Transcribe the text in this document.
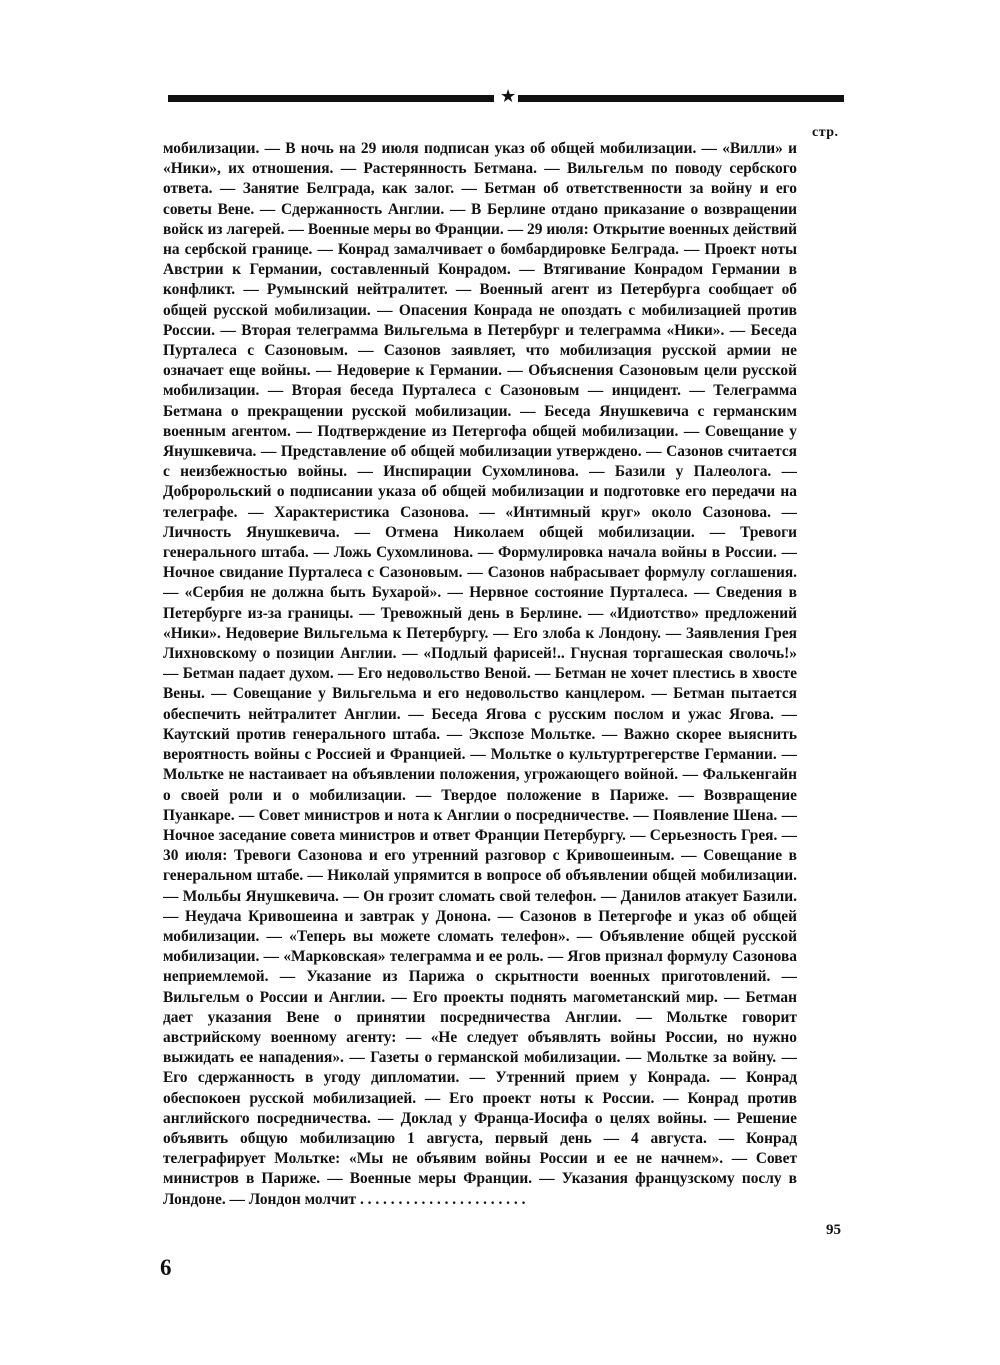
★
стр.

мобилизации. — В ночь на 29 июля подписан указ об общей мобилизации. — «Вилли» и «Ники», их отношения. — Растерянность Бетмана. — Вильгельм по поводу сербского ответа. — Занятие Белграда, как залог. — Бетман об ответственности за войну и его советы Вене. — Сдержанность Англии. — В Берлине отдано приказание о возвращении войск из лагерей. — Военные меры во Франции. — 29 июля: Открытие военных действий на сербской границе. — Конрад замалчивает о бомбардировке Белграда. — Проект ноты Австрии к Германии, составленный Конрадом. — Втягивание Конрадом Германии в конфликт. — Румынский нейтралитет. — Военный агент из Петербурга сообщает об общей русской мобилизации. — Опасения Конрада не опоздать с мобилизацией против России. — Вторая телеграмма Вильгельма в Петербург и телеграмма «Ники». — Беседа Пурталеса с Сазоновым. — Сазонов заявляет, что мобилизация русской армии не означает еще войны. — Недоверие к Германии. — Объяснения Сазоновым цели русской мобилизации. — Вторая беседа Пурталеса с Сазоновым — инцидент. — Телеграмма Бетмана о прекращении русской мобилизации. — Беседа Янушкевича с германским военным агентом. — Подтверждение из Петергофа общей мобилизации. — Совещание у Янушкевича. — Представление об общей мобилизации утверждено. — Сазонов считается с неизбежностью войны. — Инспирации Сухомлинова. — Базили у Палеолога. — Добророльский о подписании указа об общей мобилизации и подготовке его передачи на телеграфе. — Характеристика Сазонова. — «Интимный круг» около Сазонова. — Личность Янушкевича. — Отмена Николаем общей мобилизации. — Тревоги генерального штаба. — Ложь Сухомлинова. — Формулировка начала войны в России. — Ночное свидание Пурталеса с Сазоновым. — Сазонов набрасывает формулу соглашения. — «Сербия не должна быть Бухарой». — Нервное состояние Пурталеса. — Сведения в Петербурге из-за границы. — Тревожный день в Берлине. — «Идиотство» предложений «Ники». Недоверие Вильгельма к Петербургу. — Его злоба к Лондону. — Заявления Грея Лихновскому о позиции Англии. — «Подлый фарисей!.. Гнусная торгашеская сволочь!» — Бетман падает духом. — Его недовольство Веной. — Бетман не хочет плестись в хвосте Вены. — Совещание у Вильгельма и его недовольство канцлером. — Бетман пытается обеспечить нейтралитет Англии. — Беседа Ягова с русским послом и ужас Ягова. — Каутский против генерального штаба. — Экспозе Мольтке. — Важно скорее выяснить вероятность войны с Россией и Францией. — Мольтке о культуртрегерстве Германии. — Мольтке не настаивает на объявлении положения, угрожающего войной. — Фалькенгайн о своей роли и о мобилизации. — Твердое положение в Париже. — Возвращение Пуанкаре. — Совет министров и нота к Англии о посредничестве. — Появление Шена. — Ночное заседание совета министров и ответ Франции Петербургу. — Серьезность Грея. — 30 июля: Тревоги Сазонова и его утренний разговор с Кривошеиным. — Совещание в генеральном штабе. — Николай упрямится в вопросе об объявлении общей мобилизации. — Мольбы Янушкевича. — Он грозит сломать свой телефон. — Данилов атакует Базили. — Неудача Кривошеина и завтрак у Донона. — Сазонов в Петергофе и указ об общей мобилизации. — «Теперь вы можете сломать телефон». — Объявление общей русской мобилизации. — «Марковская» телеграмма и ее роль. — Ягов признал формулу Сазонова неприемлемой. — Указание из Парижа о скрытности военных приготовлений. — Вильгельм о России и Англии. — Его проекты поднять магометанский мир. — Бетман дает указания Вене о принятии посредничества Англии. — Мольтке говорит австрийскому военному агенту: — «Не следует объявлять войны России, но нужно выжидать ее нападения». — Газеты о германской мобилизации. — Мольтке за войну. — Его сдержанность в угоду дипломатии. — Утренний прием у Конрада. — Конрад обеспокоен русской мобилизацией. — Его проект ноты к России. — Конрад против английского посредничества. — Доклад у Франца-Иосифа о целях войны. — Решение объявить общую мобилизацию 1 августа, первый день — 4 августа. — Конрад телеграфирует Мольтке: «Мы не объявим войны России и ее не начнем». — Совет министров в Париже. — Военные меры Франции. — Указания французскому послу в Лондоне. — Лондон молчит . . . . . . . . . . . . . . . . . . . . . .

95
6
